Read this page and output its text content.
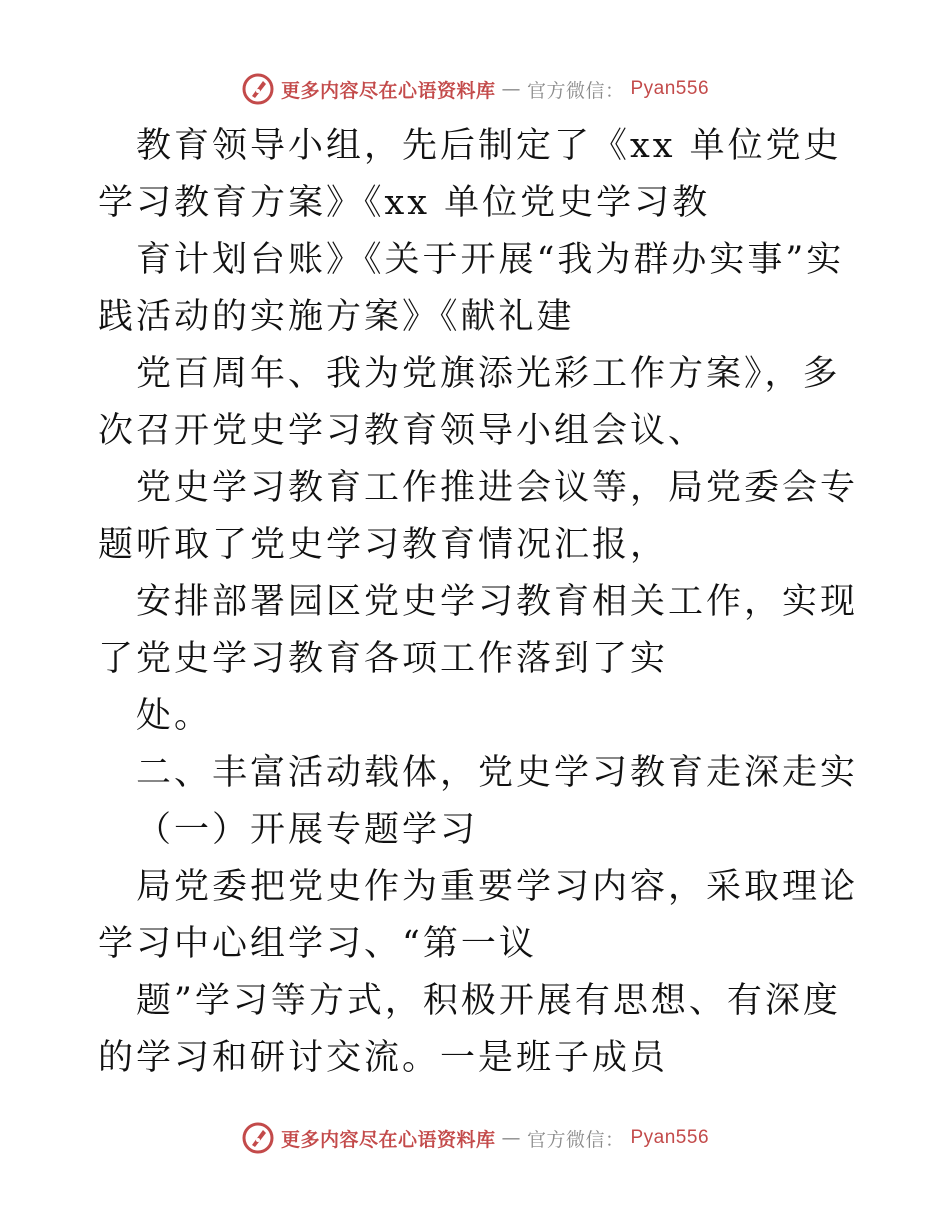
更多内容尽在心语资料库 — 官方微信： Pyan556

教育领导小组，先后制定了《xx 单位党史学习教育方案》《xx 单位党史学习教

育计划台账》《关于开展“我为群办实事”实践活动的实施方案》《献礼建

党百周年、我为党旗添光彩工作方案》，多次召开党史学习教育领导小组会议、

党史学习教育工作推进会议等，局党委会专题听取了党史学习教育情况汇报，

安排部署园区党史学习教育相关工作，实现了党史学习教育各项工作落到了实

处。

二、丰富活动载体，党史学习教育走深走实

（一）开展专题学习

局党委把党史作为重要学习内容，采取理论学习中心组学习、“第一议

题”学习等方式，积极开展有思想、有深度的学习和研讨交流。一是班子成员

更多内容尽在心语资料库 — 官方微信： Pyan556
